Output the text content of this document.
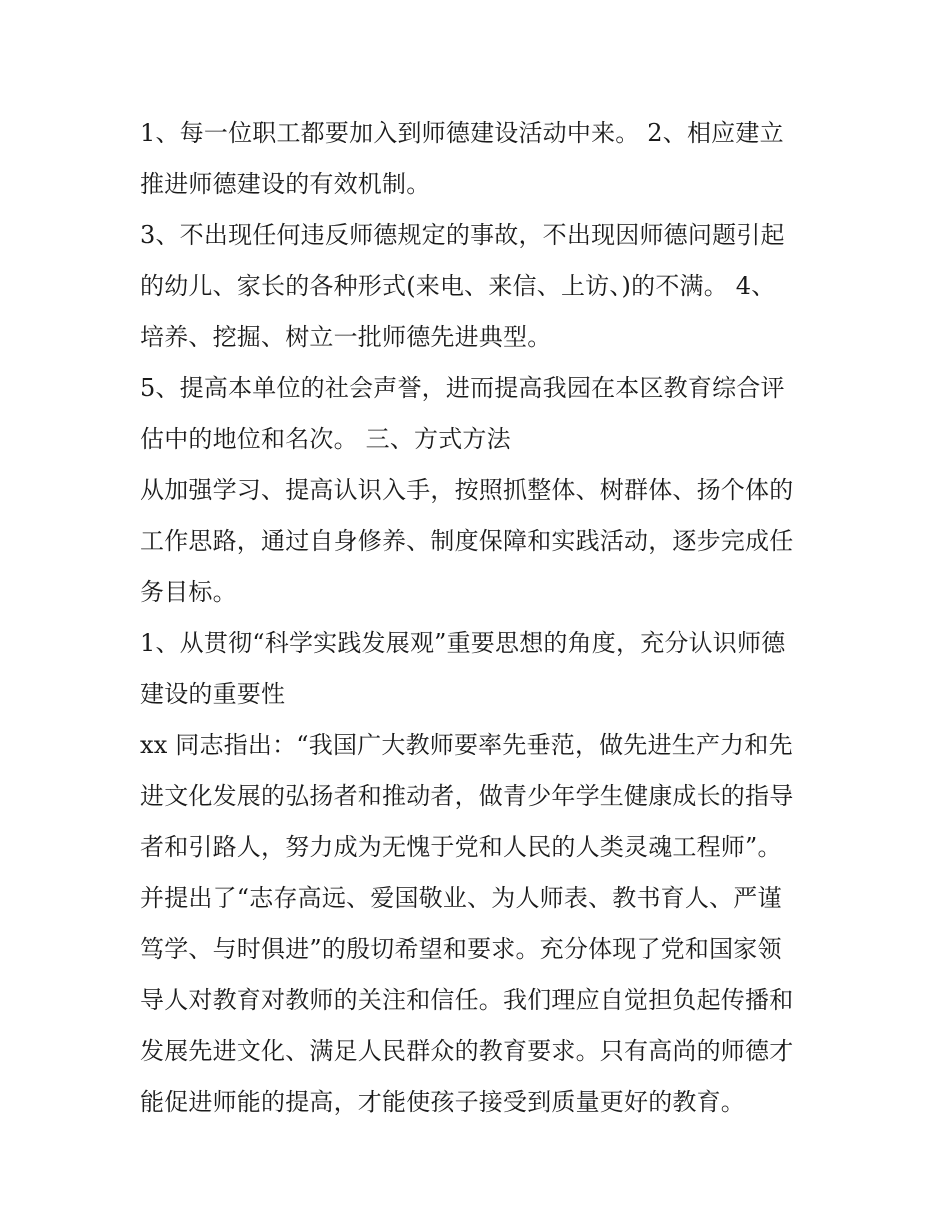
1、每一位职工都要加入到师德建设活动中来。 2、相应建立
推进师德建设的有效机制。
3、不出现任何违反师德规定的事故，不出现因师德问题引起
的幼儿、家长的各种形式(来电、来信、上访、)的不满。 4、
培养、挖掘、树立一批师德先进典型。
5、提高本单位的社会声誉，进而提高我园在本区教育综合评
估中的地位和名次。 三、方式方法
从加强学习、提高认识入手，按照抓整体、树群体、扬个体的
工作思路，通过自身修养、制度保障和实践活动，逐步完成任
务目标。
1、从贯彻“科学实践发展观”重要思想的角度，充分认识师德
建设的重要性
xx 同志指出：“我国广大教师要率先垂范，做先进生产力和先
进文化发展的弘扬者和推动者，做青少年学生健康成长的指导
者和引路人，努力成为无愧于党和人民的人类灵魂工程师”。
并提出了“志存高远、爱国敬业、为人师表、教书育人、严谨
笃学、与时俱进”的殷切希望和要求。充分体现了党和国家领
导人对教育对教师的关注和信任。我们理应自觉担负起传播和
发展先进文化、满足人民群众的教育要求。只有高尚的师德才
能促进师能的提高，才能使孩子接受到质量更好的教育。
